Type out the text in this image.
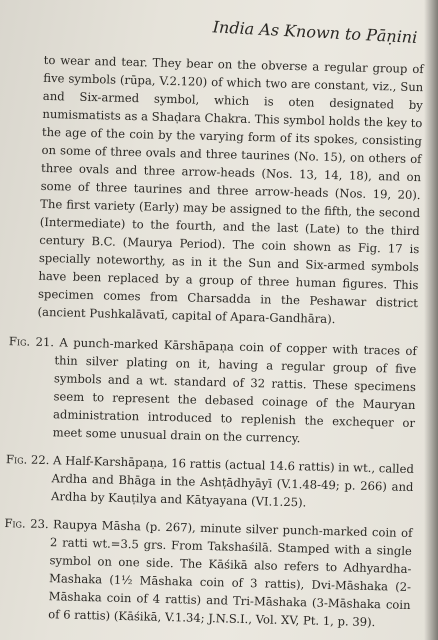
India As Known to Pāṇini

to wear and tear. They bear on the obverse a regular group of five symbols (rūpa, V.2.120) of which two are constant, viz., Sun and Six-armed symbol, which is oten designated by numismatists as a Shaḍara Chakra. This symbol holds the key to the age of the coin by the varying form of its spokes, consisting on some of three ovals and three taurines (No. 15), on others of three ovals and three arrow-heads (Nos. 13, 14, 18), and on some of three taurines and three arrow-heads (Nos. 19, 20). The first variety (Early) may be assigned to the fifth, the second (Intermediate) to the fourth, and the last (Late) to the third century B.C. (Maurya Period). The coin shown as Fig. 17 is specially noteworthy, as in it the Sun and Six-armed symbols have been replaced by a group of three human figures. This specimen comes from Charsadda in the Peshawar district (ancient Pushkalāvatī, capital of Apara-Gandhāra).

Fig. 21. A punch-marked Kārshāpaṇa coin of copper with traces of thin silver plating on it, having a regular group of five symbols and a wt. standard of 32 rattis. These specimens seem to represent the debased coinage of the Mauryan administration introduced to replenish the exchequer or meet some unusual drain on the currency.

Fig. 22. A Half-Karshāpaṇa, 16 rattis (actual 14.6 rattis) in wt., called Ardha and Bhāga in the Ashṭādhyāyī (V.1.48-49; p. 266) and Ardha by Kauṭilya and Kātyayana (VI.1.25).

Fig. 23. Raupya Māsha (p. 267), minute silver punch-marked coin of 2 ratti wt.=3.5 grs. From Takshaśilā. Stamped with a single symbol on one side. The Kāśikā also refers to Adhyardha-Mashaka (1½ Māshaka coin of 3 rattis), Dvi-Māshaka (2-Māshaka coin of 4 rattis) and Tri-Māshaka (3-Māshaka coin of 6 rattis) (Kāśikā, V.1.34; J.N.S.I., Vol. XV, Pt. 1, p. 39).
